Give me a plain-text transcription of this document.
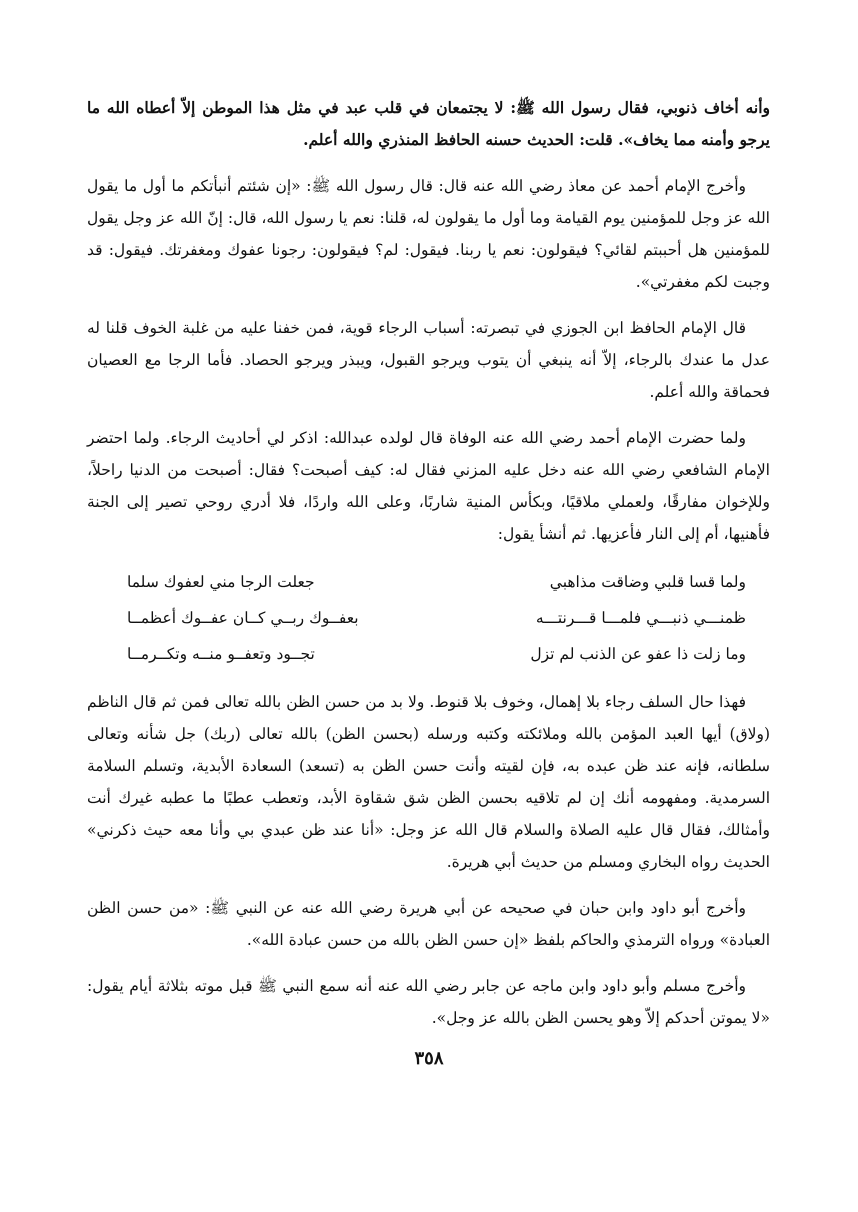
وأنه أخاف ذنوبي، فقال رسول الله ﷺ: لا يجتمعان في قلب عبد في مثل هذا الموطن إلاّ أعطاه الله ما يرجو وأمنه مما يخاف». قلت: الحديث حسنه الحافظ المنذري والله أعلم.

وأخرج الإمام أحمد عن معاذ رضي الله عنه قال: قال رسول الله ﷺ: «إن شئتم أنبأتكم ما أول ما يقول الله عز وجل للمؤمنين يوم القيامة وما أول ما يقولون له، قلنا: نعم يا رسول الله، قال: إنّ الله عز وجل يقول للمؤمنين هل أحببتم لقائي؟ فيقولون: نعم يا ربنا. فيقول: لم؟ فيقولون: رجونا عفوك ومغفرتك. فيقول: قد وجبت لكم مغفرتي».

قال الإمام الحافظ ابن الجوزي في تبصرته: أسباب الرجاء قوية، فمن خفنا عليه من غلبة الخوف قلنا له عدل ما عندك بالرجاء، إلاّ أنه ينبغي أن يتوب ويرجو القبول، ويبذر ويرجو الحصاد. فأما الرجا مع العصيان فحماقة والله أعلم.

ولما حضرت الإمام أحمد رضي الله عنه الوفاة قال لولده عبدالله: اذكر لي أحاديث الرجاء. ولما احتضر الإمام الشافعي رضي الله عنه دخل عليه المزني فقال له: كيف أصبحت؟ فقال: أصبحت من الدنيا راحلاً، وللإخوان مفارقًا، ولعملي ملاقيًا، وبكأس المنية شاربًا، وعلى الله واردًا، فلا أدري روحي تصير إلى الجنة فأهنيها، أم إلى النار فأعزيها. ثم أنشأ يقول:

ولما قسا قلبي وضاقت مذاهبي
جعلت الرجا مني لعفوك سلما
ظمنـــي ذنبـــي فلمـــا قـــرنتـــه
بعفــوك ربــي كــان عفــوك أعظمــا
وما زلت ذا عفو عن الذنب لم تزل
تجــود وتعفــو منــه وتكــرمــا

فهذا حال السلف رجاء بلا إهمال، وخوف بلا قنوط. ولا بد من حسن الظن بالله تعالى فمن ثم قال الناظم (ولاق) أيها العبد المؤمن بالله وملائكته وكتبه ورسله (بحسن الظن) بالله تعالى (ربك) جل شأنه وتعالى سلطانه، فإنه عند ظن عبده به، فإن لقيته وأنت حسن الظن به (تسعد) السعادة الأبدية، وتسلم السلامة السرمدية. ومفهومه أنك إن لم تلاقيه بحسن الظن شق شقاوة الأبد، وتعطب عطبًا ما عطبه غيرك أنت وأمثالك، فقال قال عليه الصلاة والسلام قال الله عز وجل: «أنا عند ظن عبدي بي وأنا معه حيث ذكرني» الحديث رواه البخاري ومسلم من حديث أبي هريرة.

وأخرج أبو داود وابن حبان في صحيحه عن أبي هريرة رضي الله عنه عن النبي ﷺ: «من حسن الظن العبادة» ورواه الترمذي والحاكم بلفظ «إن حسن الظن بالله من حسن عبادة الله».

وأخرج مسلم وأبو داود وابن ماجه عن جابر رضي الله عنه أنه سمع النبي ﷺ قبل موته بثلاثة أيام يقول: «لا يموتن أحدكم إلاّ وهو يحسن الظن بالله عز وجل».

٣٥٨
